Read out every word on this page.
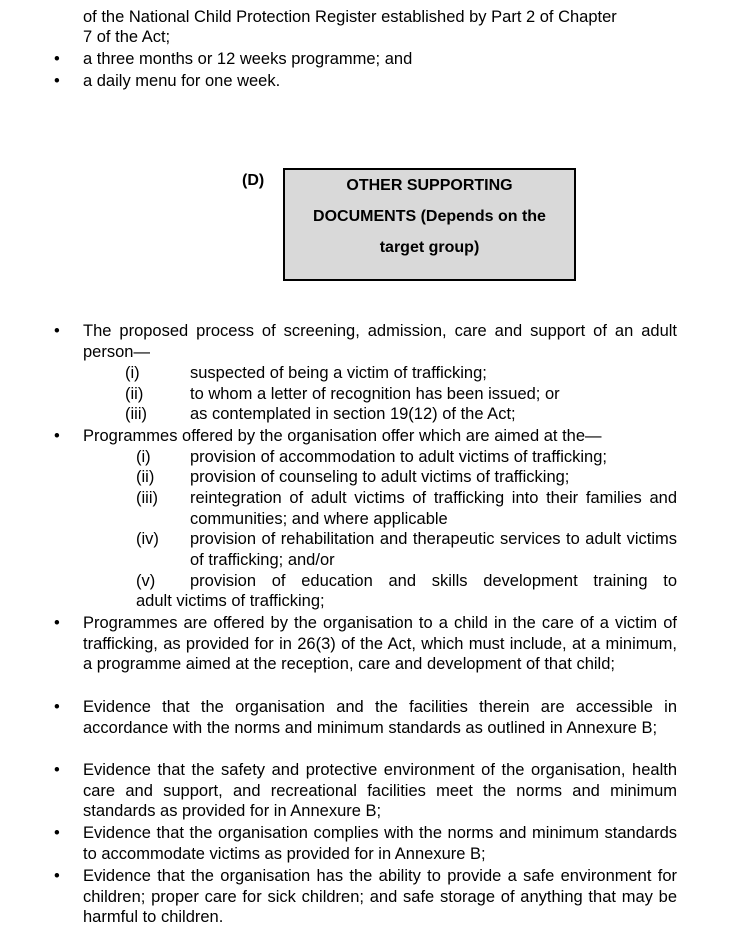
of the National Child Protection Register established by Part 2 of Chapter
7 of the Act;
• a three months or 12 weeks programme; and
• a daily menu for one week.
(D)	OTHER SUPPORTING
DOCUMENTS (Depends on the
target group)
• The proposed process of screening, admission, care and support of an adult person—
(i)	suspected of being a victim of trafficking;
(ii)	to whom a letter of recognition has been issued; or
(iii)	as contemplated in section 19(12) of the Act;
• Programmes offered by the organisation offer which are aimed at the—
(i) provision of accommodation to adult victims of trafficking;
(ii) provision of counseling to adult victims of trafficking;
(iii) reintegration of adult victims of trafficking into their families and communities; and where applicable
(iv) provision of rehabilitation and therapeutic services to adult victims of trafficking; and/or
(v) provision of education and skills development training to
adult victims of trafficking;
• Programmes are offered by the organisation to a child in the care of a victim of trafficking, as provided for in 26(3) of the Act, which must include, at a minimum, a programme aimed at the reception, care and development of that child;
• Evidence that the organisation and the facilities therein are accessible in accordance with the norms and minimum standards as outlined in Annexure B;
• Evidence that the safety and protective environment of the organisation, health care and support, and recreational facilities meet the norms and minimum standards as provided for in Annexure B;
• Evidence that the organisation complies with the norms and minimum standards to accommodate victims as provided for in Annexure B;
• Evidence that the organisation has the ability to provide a safe environment for children; proper care for sick children; and safe storage of anything that may be harmful to children.
